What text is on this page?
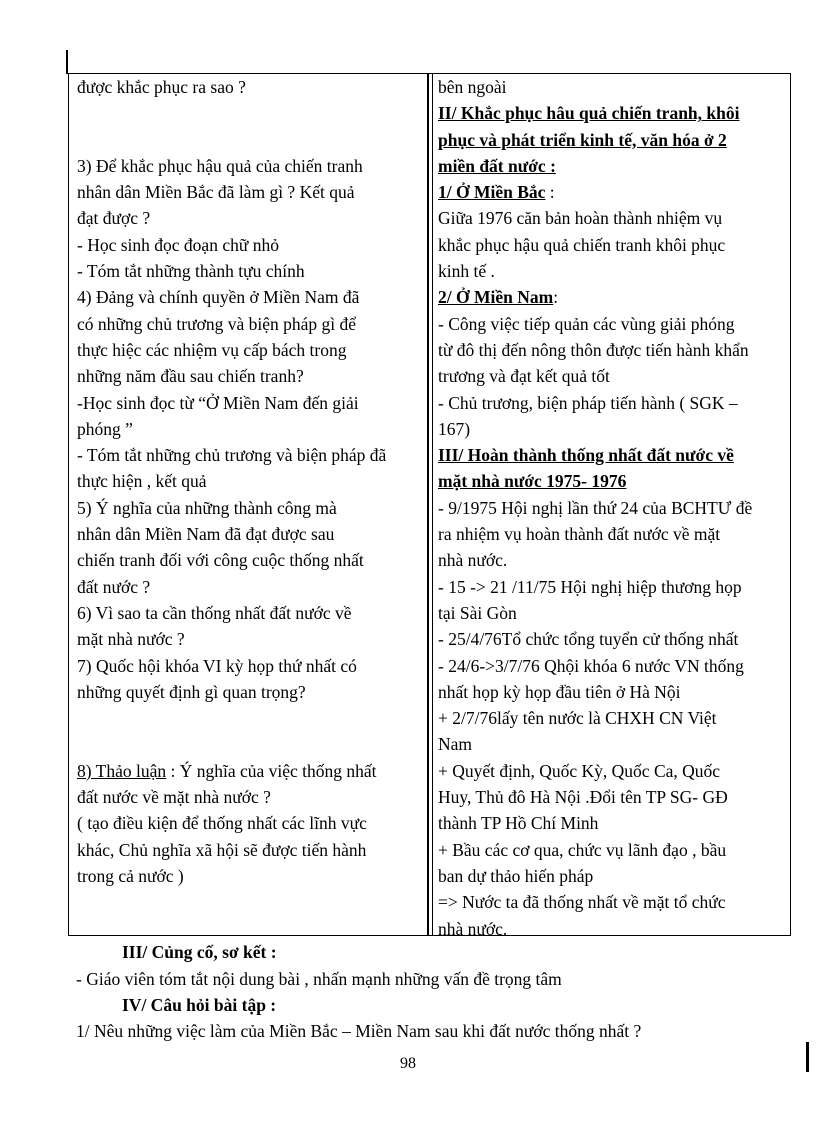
được khắc phục ra sao ?
3) Để khắc phục hậu quả của chiến tranh
nhân dân Miền Bắc đã làm gì ? Kết quả
đạt được ?
- Học sinh đọc đoạn chữ nhỏ
- Tóm tắt những thành tựu chính
4) Đảng và chính quyền ở Miền Nam đã
có những chủ trương và biện pháp gì để
thực hiệc các nhiệm vụ cấp bách trong
những năm đầu sau chiến tranh?
-Học sinh đọc từ “Ở Miền Nam đến giải
phóng ”
- Tóm tắt những chủ trương và biện pháp đã
thực hiện , kết quả
5) Ý nghĩa của những thành công mà
nhân dân Miền Nam đã đạt được sau
chiến tranh đối với công cuộc thống nhất
đất nước ?
6) Vì sao ta cần thống nhất đất nước về
mặt nhà nước ?
7) Quốc hội khóa VI kỳ họp thứ nhất có
những quyết định gì quan trọng?
8) Thảo luận : Ý nghĩa của việc thống nhất
đất nước về mặt nhà nước ?
( tạo điều kiện để thống nhất các lĩnh vực
khác, Chủ nghĩa xã hội sẽ được tiến hành
trong cả nước )
bên ngoài
II/ Khắc phục hâu quả chiến tranh, khôi
phục và phát triển kinh tế, văn hóa ở 2
miền đất nước :
1/ Ở Miền Bắc :
Giữa 1976 căn bản hoàn thành nhiệm vụ
khắc phục hậu quả chiến tranh khôi phục
kinh tế .
2/ Ở Miền Nam:
- Công việc tiếp quản các vùng giải phóng
từ đô thị đến nông thôn được tiến hành khẩn
trương và đạt kết quả tốt
- Chủ trương, biện pháp tiến hành ( SGK –
167)
III/ Hoàn thành thống nhất đất nước về
mặt nhà nước 1975- 1976
- 9/1975 Hội nghị lần thứ 24 của BCHTƯ đề
ra nhiệm vụ hoàn thành đất nước về mặt
nhà nước.
- 15 -> 21 /11/75 Hội nghị hiệp thương họp
tại Sài Gòn
- 25/4/76Tổ chức tổng tuyển cử thống nhất
- 24/6->3/7/76 Qhội khóa 6 nước VN thống
nhất họp kỳ họp đầu tiên ở Hà Nội
+ 2/7/76lấy tên nước là CHXH CN Việt
Nam
+ Quyết định, Quốc Kỳ, Quốc Ca, Quốc
Huy, Thủ đô Hà Nội .Đổi tên TP SG- GĐ
thành TP Hồ Chí Minh
+ Bầu các cơ qua, chức vụ lãnh đạo , bầu
ban dự thảo hiến pháp
=> Nước ta đã thống nhất về mặt tổ chức
nhà nước.
III/ Củng cố, sơ kết :
- Giáo viên tóm tắt nội dung bài , nhấn mạnh những vấn đề trọng tâm
IV/ Câu hỏi bài tập :
1/ Nêu những việc làm của Miền Bắc – Miền Nam sau khi đất nước thống nhất ?
98
